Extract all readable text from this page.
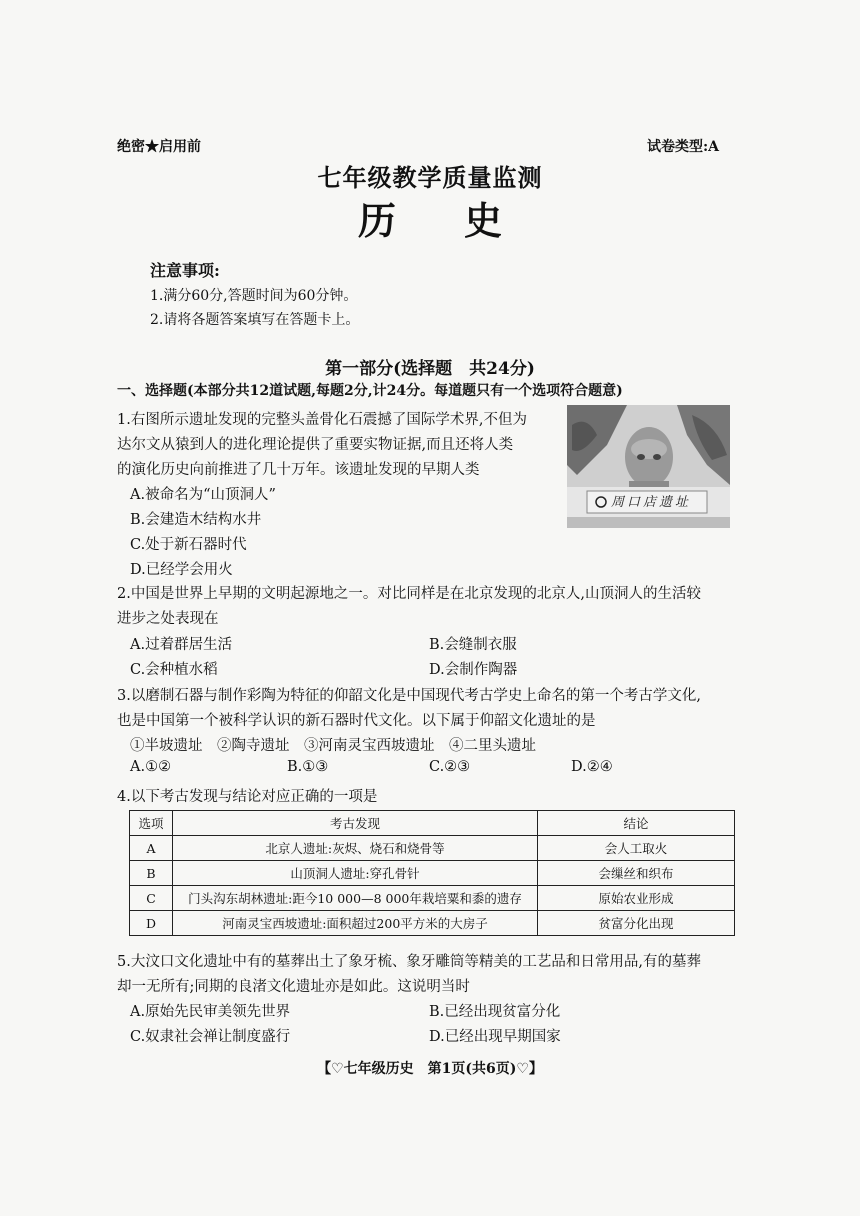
绝密★启用前	试卷类型:A
七年级教学质量监测
历 史
注意事项:
1.满分60分,答题时间为60分钟。
2.请将各题答案填写在答题卡上。
第一部分(选择题　共24分)
一、选择题(本部分共12道试题,每题2分,计24分。每道题只有一个选项符合题意)
1.右图所示遗址发现的完整头盖骨化石震撼了国际学术界,不但为
达尔文从猿到人的进化理论提供了重要实物证据,而且还将人类
的演化历史向前推进了几十万年。该遗址发现的早期人类
A.被命名为“山顶洞人”
B.会建造木结构水井
C.处于新石器时代
D.已经学会用火
周口店遗址
2.中国是世界上早期的文明起源地之一。对比同样是在北京发现的北京人,山顶洞人的生活较
进步之处表现在
A.过着群居生活	B.会缝制衣服
C.会种植水稻	D.会制作陶器
3.以磨制石器与制作彩陶为特征的仰韶文化是中国现代考古学史上命名的第一个考古学文化,
也是中国第一个被科学认识的新石器时代文化。以下属于仰韶文化遗址的是
①半坡遗址　②陶寺遗址　③河南灵宝西坡遗址　④二里头遗址
A.①②	B.①③	C.②③	D.②④
4.以下考古发现与结论对应正确的一项是
选项	考古发现	结论
A	北京人遗址:灰烬、烧石和烧骨等	会人工取火
B	山顶洞人遗址:穿孔骨针	会缫丝和织布
C	门头沟东胡林遗址:距今10 000—8 000年栽培粟和黍的遗存	原始农业形成
D	河南灵宝西坡遗址:面积超过200平方米的大房子	贫富分化出现
5.大汶口文化遗址中有的墓葬出土了象牙梳、象牙雕筒等精美的工艺品和日常用品,有的墓葬
却一无所有;同期的良渚文化遗址亦是如此。这说明当时
A.原始先民审美领先世界	B.已经出现贫富分化
C.奴隶社会禅让制度盛行	D.已经出现早期国家
【♡七年级历史　第1页(共6页)♡】
